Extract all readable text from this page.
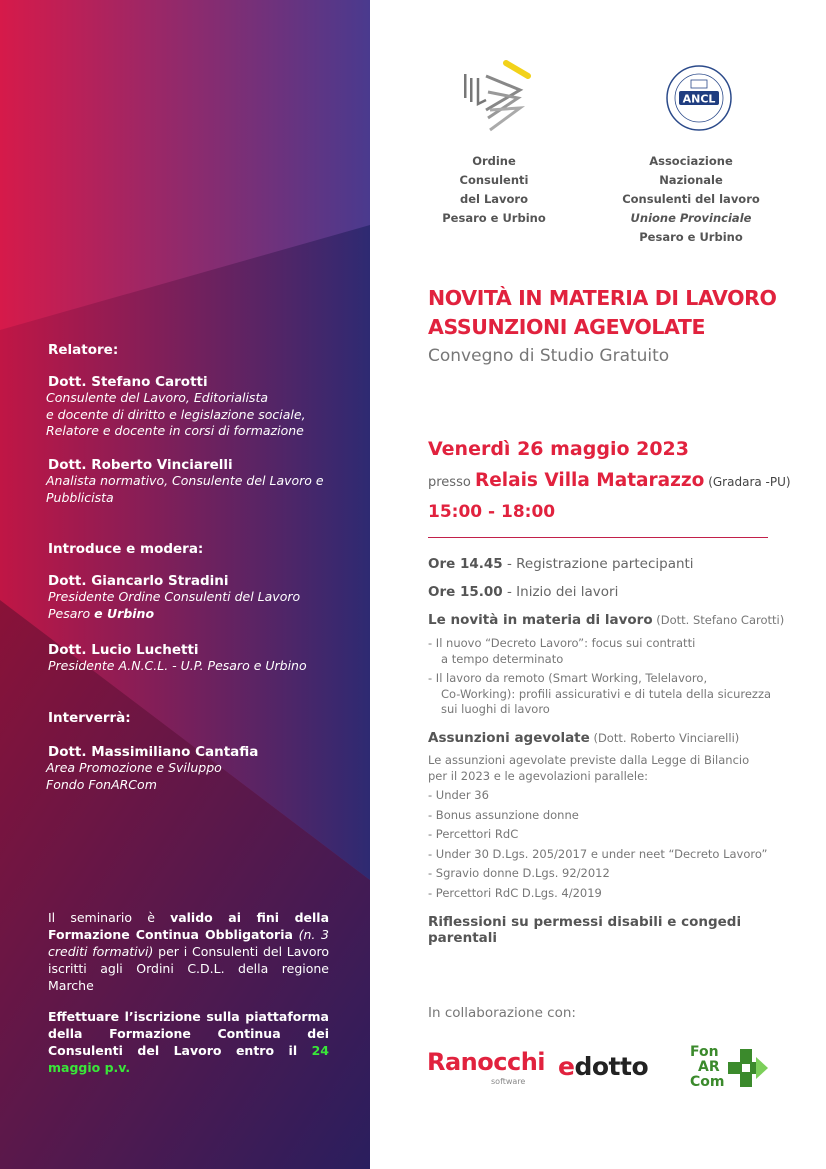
Relatore:
Dott. Stefano Carotti
Consulente del Lavoro, Editorialista
e docente di diritto e legislazione sociale,
Relatore e docente in corsi di formazione
Dott. Roberto Vinciarelli
Analista normativo, Consulente del Lavoro e
Pubblicista
Introduce e modera:
Dott. Giancarlo Stradini
Presidente Ordine Consulenti del Lavoro
Pesaro e Urbino
Dott. Lucio Luchetti
Presidente A.N.C.L. - U.P. Pesaro e Urbino
Interverrà:
Dott. Massimiliano Cantafia
Area Promozione e Sviluppo
Fondo FonARCom
Il seminario è valido ai fini della Formazione Continua Obbligatoria (n. 3 crediti formativi) per i Consulenti del Lavoro iscritti agli Ordini C.D.L. della regione Marche
Effettuare l’iscrizione sulla piattaforma della Formazione Continua dei Consulenti del Lavoro entro il 24 maggio p.v.
ANCL
Ordine Consulenti
del Lavoro
Pesaro e Urbino
Associazione Nazionale
Consulenti del lavoro
Unione Provinciale
Pesaro e Urbino
NOVITÀ IN MATERIA DI LAVORO
ASSUNZIONI AGEVOLATE
Convegno di Studio Gratuito
Venerdì 26 maggio 2023
presso Relais Villa Matarazzo (Gradara -PU)
15:00 - 18:00
Ore 14.45 - Registrazione partecipanti
Ore 15.00 - Inizio dei lavori
Le novità in materia di lavoro (Dott. Stefano Carotti)
- Il nuovo “Decreto Lavoro”: focus sui contratti
a tempo determinato
- Il lavoro da remoto (Smart Working, Telelavoro,
Co-Working): profili assicurativi e di tutela della sicurezza
sui luoghi di lavoro
Assunzioni agevolate (Dott. Roberto Vinciarelli)
Le assunzioni agevolate previste dalla Legge di Bilancio
per il 2023 e le agevolazioni parallele:
- Under 36
- Bonus assunzione donne
- Percettori RdC
- Under 30 D.Lgs. 205/2017 e under neet “Decreto Lavoro”
- Sgravio donne D.Lgs. 92/2012
- Percettori RdC D.Lgs. 4/2019
Riflessioni su permessi disabili e congedi parentali
In collaborazione con:
Ranocchi
software
edotto	Fon
AR
Com
